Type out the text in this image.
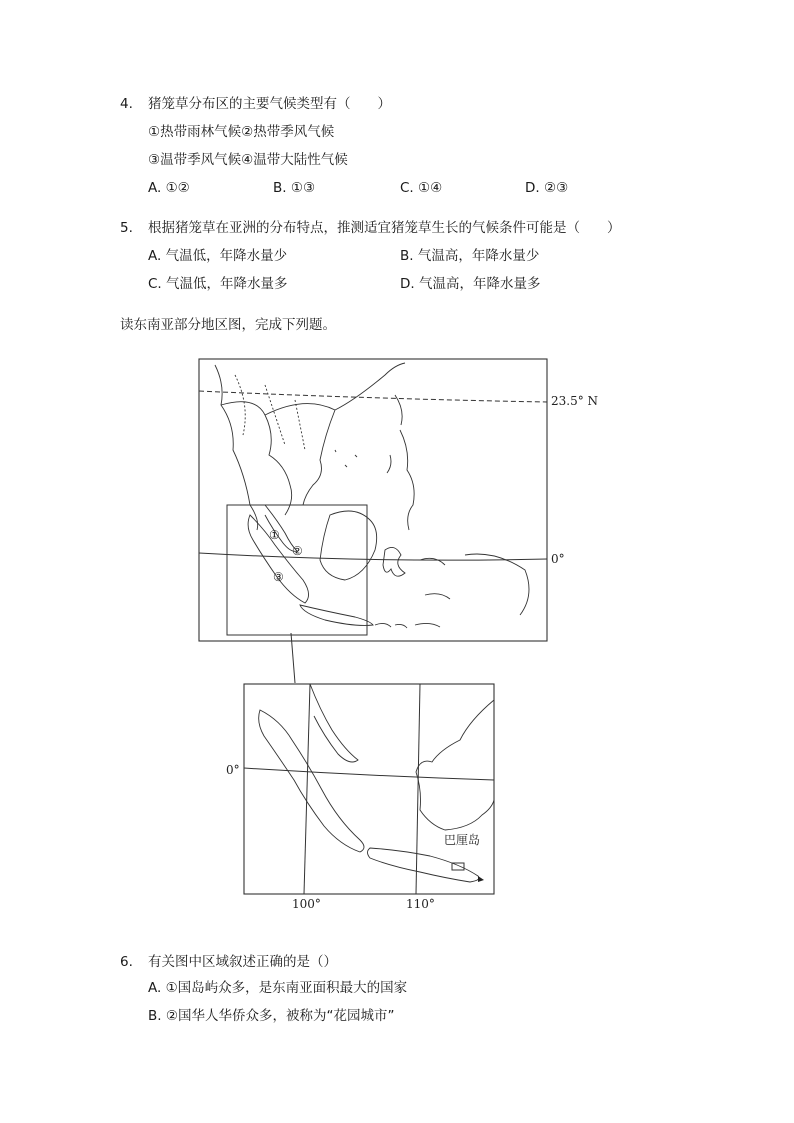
4. 猪笼草分布区的主要气候类型有（　　）
①热带雨林气候②热带季风气候
③温带季风气候④温带大陆性气候
A. ①②	B. ①③	C. ①④	D. ②③
5. 根据猪笼草在亚洲的分布特点，推测适宜猪笼草生长的气候条件可能是（　　）
A. 气温低，年降水量少	B. 气温高，年降水量少
C. 气温低，年降水量多	D. 气温高，年降水量多
读东南亚部分地区图，完成下列题。
23.5° N
0°
①
②
③
0°
100°	110°
巴厘岛
6. 有关图中区域叙述正确的是（）
A. ①国岛屿众多，是东南亚面积最大的国家
B. ②国华人华侨众多，被称为“花园城市”
